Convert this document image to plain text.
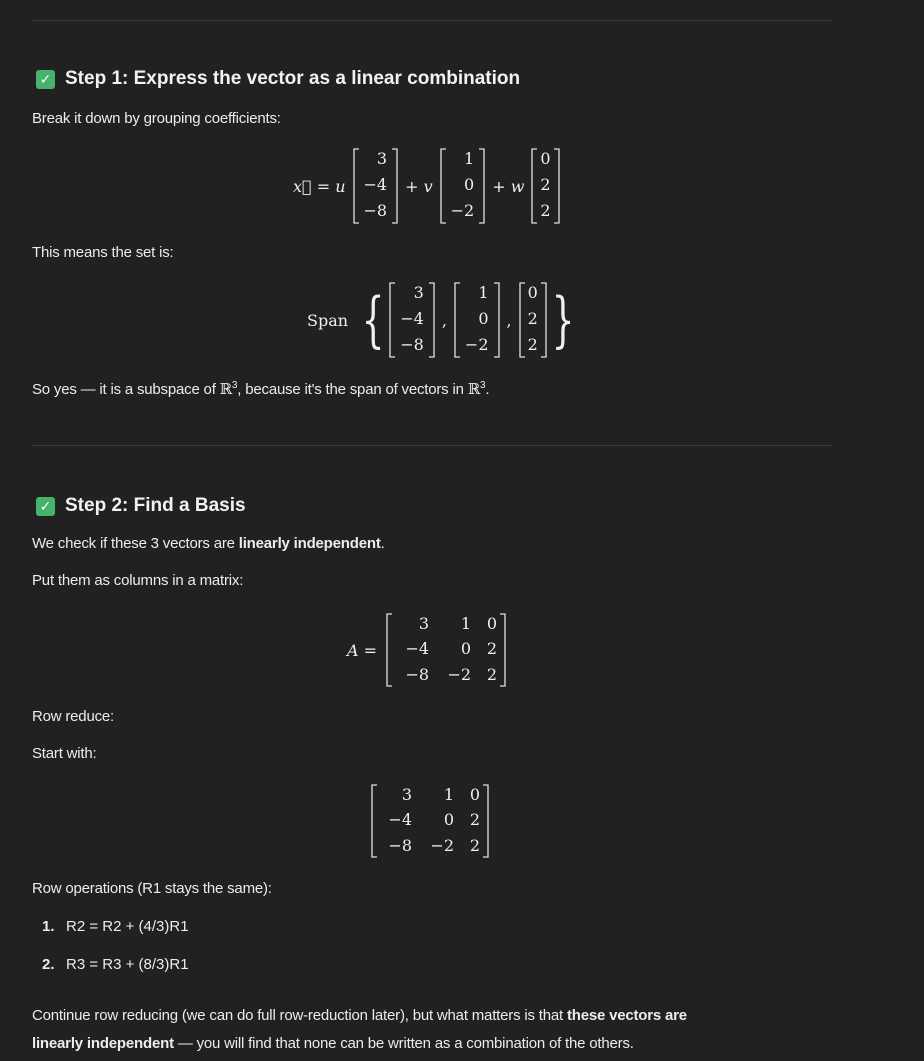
✓ Step 1: Express the vector as a linear combination
Break it down by grouping coefficients:
x⃗ = u
3
−4
−8
+ v
1
0
−2
+ w
0
2
2
This means the set is:
Span {	3
−4
−8
,
1
0
−2
,
0
2
2 }
So yes — it is a subspace of ℝ$^3$, because it's the span of vectors in ℝ$^3$.
✓ Step 2: Find a Basis
We check if these 3 vectors are linearly independent.
Put them as columns in a matrix:
A =
3	1 0
−4	0 2
−8	−2 2
Row reduce:
Start with:
3	1 0
−4	0 2
−8	−2 2
Row operations (R1 stays the same):
1. R2 = R2 + (4/3)R1
2. R3 = R3 + (8/3)R1
Continue row reducing (we can do full row-reduction later), but what matters is that these vectors are
linearly independent — you will find that none can be written as a combination of the others.
